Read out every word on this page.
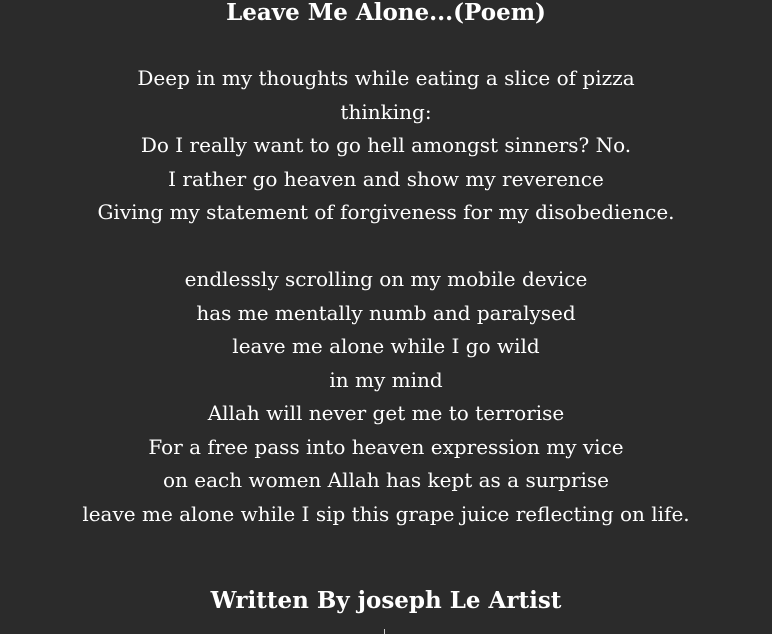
Leave Me Alone...(Poem)
Deep in my thoughts while eating a slice of pizza
thinking:
Do I really want to go hell amongst sinners? No.
I rather go heaven and show my reverence
Giving my statement of forgiveness for my disobedience.
endlessly scrolling on my mobile device
has me mentally numb and paralysed
leave me alone while I go wild
in my mind
Allah will never get me to terrorise
For a free pass into heaven expression my vice
on each women Allah has kept as a surprise
leave me alone while I sip this grape juice reflecting on life.
Written By joseph Le Artist
